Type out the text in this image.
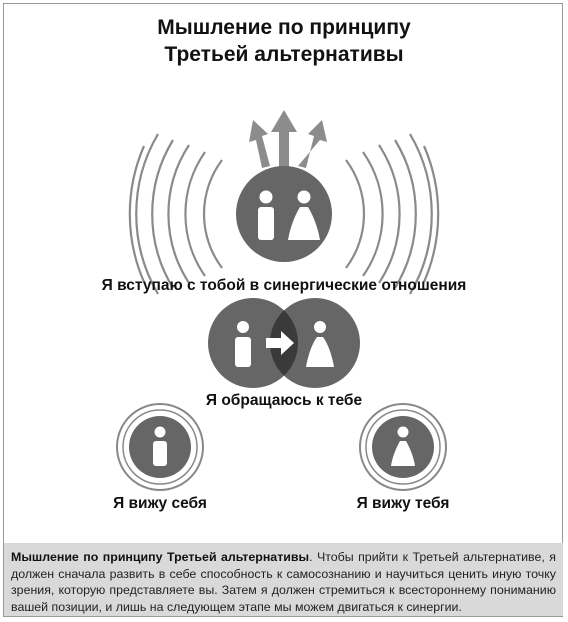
Мышление по принципу
Третьей альтернативы
Я вступаю с тобой в синергические отношения
Я обращаюсь к тебе
Я вижу себя	Я вижу тебя
Мышление по принципу Третьей альтернативы. Чтобы прийти к Третьей альтернативе, я должен сначала развить в себе способность к самосознанию и научиться ценить иную точку зрения, которую представляете вы. Затем я должен стремиться к всестороннему пониманию вашей позиции, и лишь на следующем этапе мы можем двигаться к синергии.
